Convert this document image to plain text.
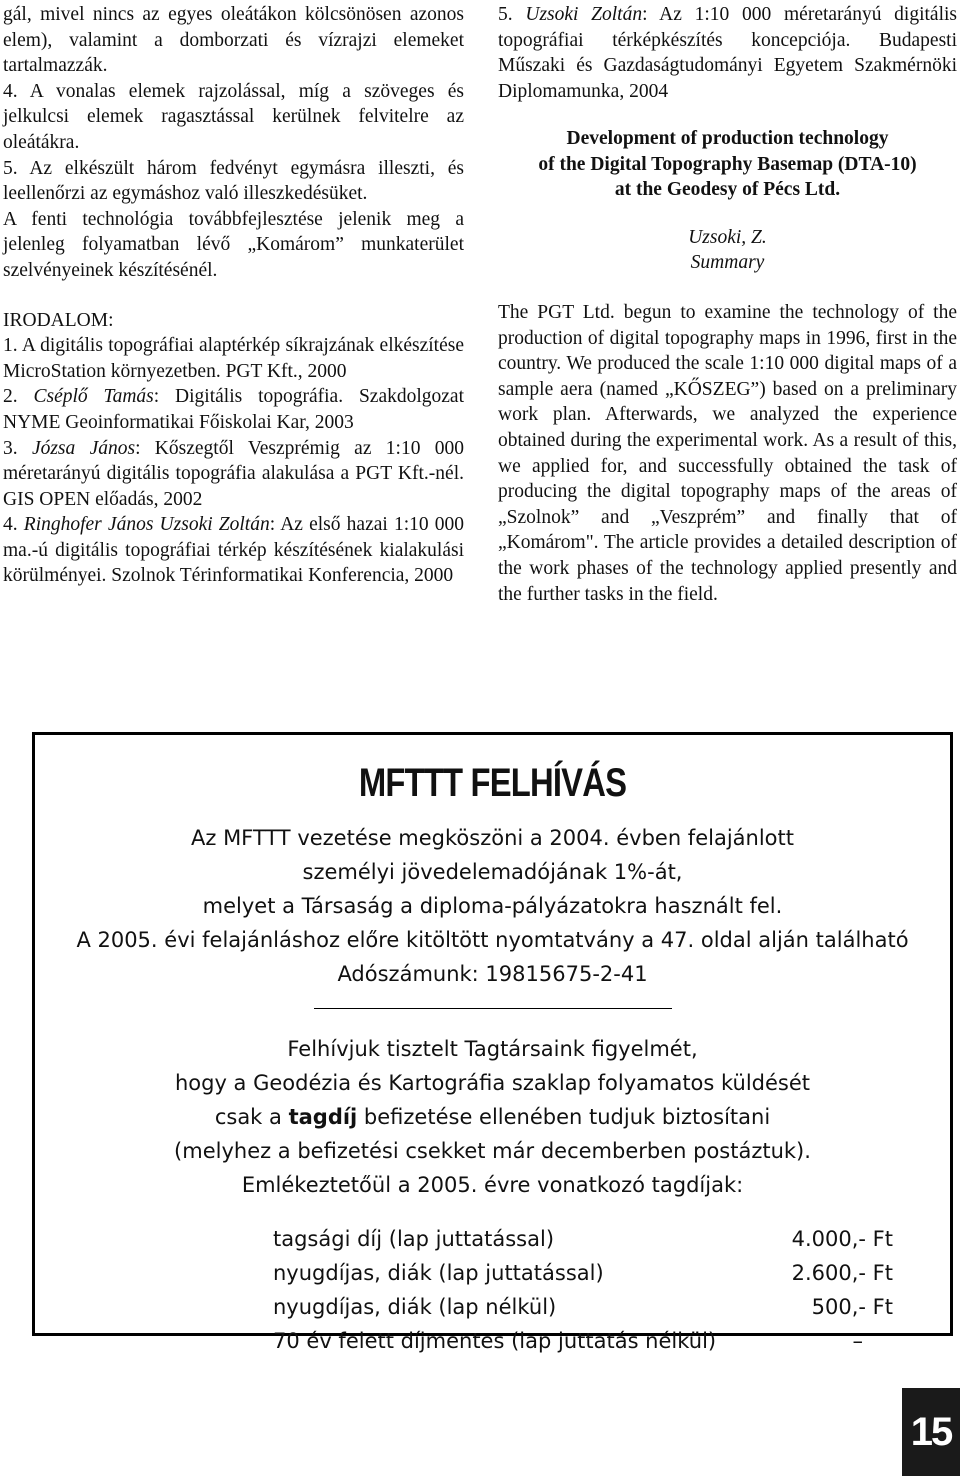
gál, mivel nincs az egyes oleátákon kölcsönösen azonos elem), valamint a domborzati és vízrajzi elemeket tartalmazzák.

4. A vonalas elemek rajzolással, míg a szöveges és jelkulcsi elemek ragasztással kerülnek felvitelre az oleátákra.

5. Az elkészült három fedvényt egymásra illeszti, és leellenőrzi az egymáshoz való illeszkedésüket.

A fenti technológia továbbfejlesztése jelenik meg a jelenleg folyamatban lévő „Komárom” munkaterület szelvényeinek készítésénél.

IRODALOM:

1. A digitális topográfiai alaptérkép síkrajzának elkészítése MicroStation környezetben. PGT Kft., 2000

2. Cséplő Tamás: Digitális topográfia. Szakdolgozat NYME Geoinformatikai Főiskolai Kar, 2003

3. Józsa János: Kőszegtől Veszprémig az 1:10 000 méretarányú digitális topográfia alakulása a PGT Kft.-nél. GIS OPEN előadás, 2002

4. Ringhofer János Uzsoki Zoltán: Az első hazai 1:10 000 ma.-ú digitális topográfiai térkép készítésének kialakulási körülményei. Szolnok Térinformatikai Konferencia, 2000

5. Uzsoki Zoltán: Az 1:10 000 méretarányú digitális topográfiai térképkészítés koncepciója. Budapesti Műszaki és Gazdaságtudományi Egyetem Szakmérnöki Diplomamunka, 2004

Development of production technology
of the Digital Topography Basemap (DTA-10)
at the Geodesy of Pécs Ltd.

Uzsoki, Z.
Summary

The PGT Ltd. begun to examine the technology of the production of digital topography maps in 1996, first in the country. We produced the scale 1:10 000 digital maps of a sample aera (named „KŐSZEG”) based on a preliminary work plan. Afterwards, we analyzed the experience obtained during the experimental work. As a result of this, we applied for, and successfully obtained the task of producing the digital topography maps of the areas of „Szolnok” and „Veszprém” and finally that of „Komárom". The article provides a detailed description of the work phases of the technology applied presently and the further tasks in the field.

MFTTT FELHÍVÁS

Az MFTTT vezetése megköszöni a 2004. évben felajánlott

személyi jövedelemadójának 1%-át,

melyet a Társaság a diploma-pályázatokra használt fel.

A 2005. évi felajánláshoz előre kitöltött nyomtatvány a 47. oldal alján található

Adószámunk: 19815675-2-41

Felhívjuk tisztelt Tagtársaink figyelmét,

hogy a Geodézia és Kartográfia szaklap folyamatos küldését

csak a tagdíj befizetése ellenében tudjuk biztosítani

(melyhez a befizetési csekket már decemberben postáztuk).

Emlékeztetőül a 2005. évre vonatkozó tagdíjak:

tagsági díj (lap juttatással)	4.000,- Ft
nyugdíjas, diák (lap juttatással)	2.600,- Ft
nyugdíjas, diák (lap nélkül)	500,- Ft
70 év felett díjmentes (lap juttatás nélkül)	–
15
